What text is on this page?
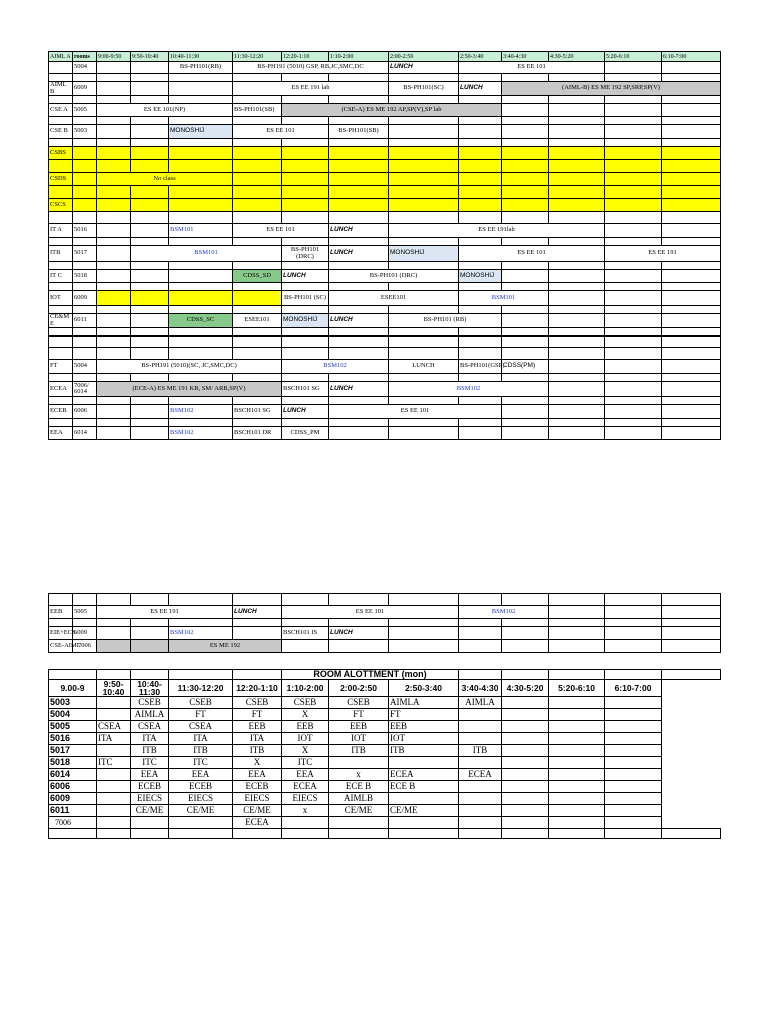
AIML A	rooms	9:00-9:50	9:50-10:40	10:40-11:30	11:30-12:20	12:20-1:10	1:10-2:00	2:00-2:50	2:50-3:40	3:40-4:30	4:30-5:20	5:20-6:10	6:10-7:00
	5004			BS-PH101(RB)	BS-PH191 (5010) GSP, RB,JC,SMC,DC			LUNCH	ES EE 101				

AIML B	6009				ES EE 191 lab			BS-PH101(SC)	LUNCH	(AIML-B) ES ME 192 SP,SRP,SP(V)			

CSE A	5005	ES EE 101(NP)			BS-PH101(SB)	(CSE-A) ES ME 192 AP,SP(V),SP lab							

CSE B	5003			MONOSHIJ	ES EE 101		BS-PH101(SB)						

CSBS													

CSDS		No class											

CSCS													

IT A	5016			BSM101	ES EE 101		LUNCH	ES EE 191lab					

ITB	5017		BSM101			BS-PH101 (DRC)	LUNCH	MONOSHIJ	ES EE 101			ES EE 191	

IT C	5018				CDSS_SD	LUNCH	BS-PH101 (DRC)		MONOSHIJ				

IOT	6009					BS-PH101 (SC)	ESEE101		BSM101				

CE&M E	6011			CDSS_SC	ESEE101	MONOSHIJ	LUNCH	BS-PH101 (RB)					

FT	5004	BS-PH191 (5010)(SC, JC,SMC,DC)				BSM102		LUNCH	BS-PH101(GSP)	CDSS(PM)			

ECEA	7006/ 6014	(ECE-A) ES ME 191 KB, SM/ ARB,SP(V)				BSCH101 SG	LUNCH	BSM102					

ECEB	6006			BSM102	BSCH101 SG	LUNCH	ES EE 101						

EEA	6014			BSM102	BSCH101 DR	CDSS_PM							

EEB	5005	ES EE 191			LUNCH	ES EE 101			BSM102				

EIE+ECS	6009			BSM102		BSCH101 IS	LUNCH						
CSE-AIML	7006			ES ME 192									
					ROOM ALOTTMENT (mon)							
9.00-9	9:50- 10:40	10:40- 11:30	11:30-12:20	12:20-1:10	1:10-2:00	2:00-2:50	2:50-3:40	3:40-4:30	4:30-5:20	5:20-6:10	6:10-7:00	
5003		CSEB	CSEB	CSEB	CSEB	CSEB	AIMLA	AIMLA				
5004		AIMLA	FT	FT	X	FT	FT					
5005	CSEA	CSEA	CSEA	EEB	EEB	EEB	EEB					
5016	ITA	ITA	ITA	ITA	IOT	IOT	IOT					
5017		ITB	ITB	ITB	X	ITB	ITB	ITB				
5018	ITC	ITC	ITC	X	ITC							
6014		EEA	EEA	EEA	EEA	x	ECEA	ECEA				
6006		ECEB	ECEB	ECEB	ECEA	ECE B	ECE B					
6009		EIECS	EIECS	EIECS	EIECS	AIMLB						
6011		CE/ME	CE/ME	CE/ME	x	CE/ME	CE/ME					
7006				ECEA								
